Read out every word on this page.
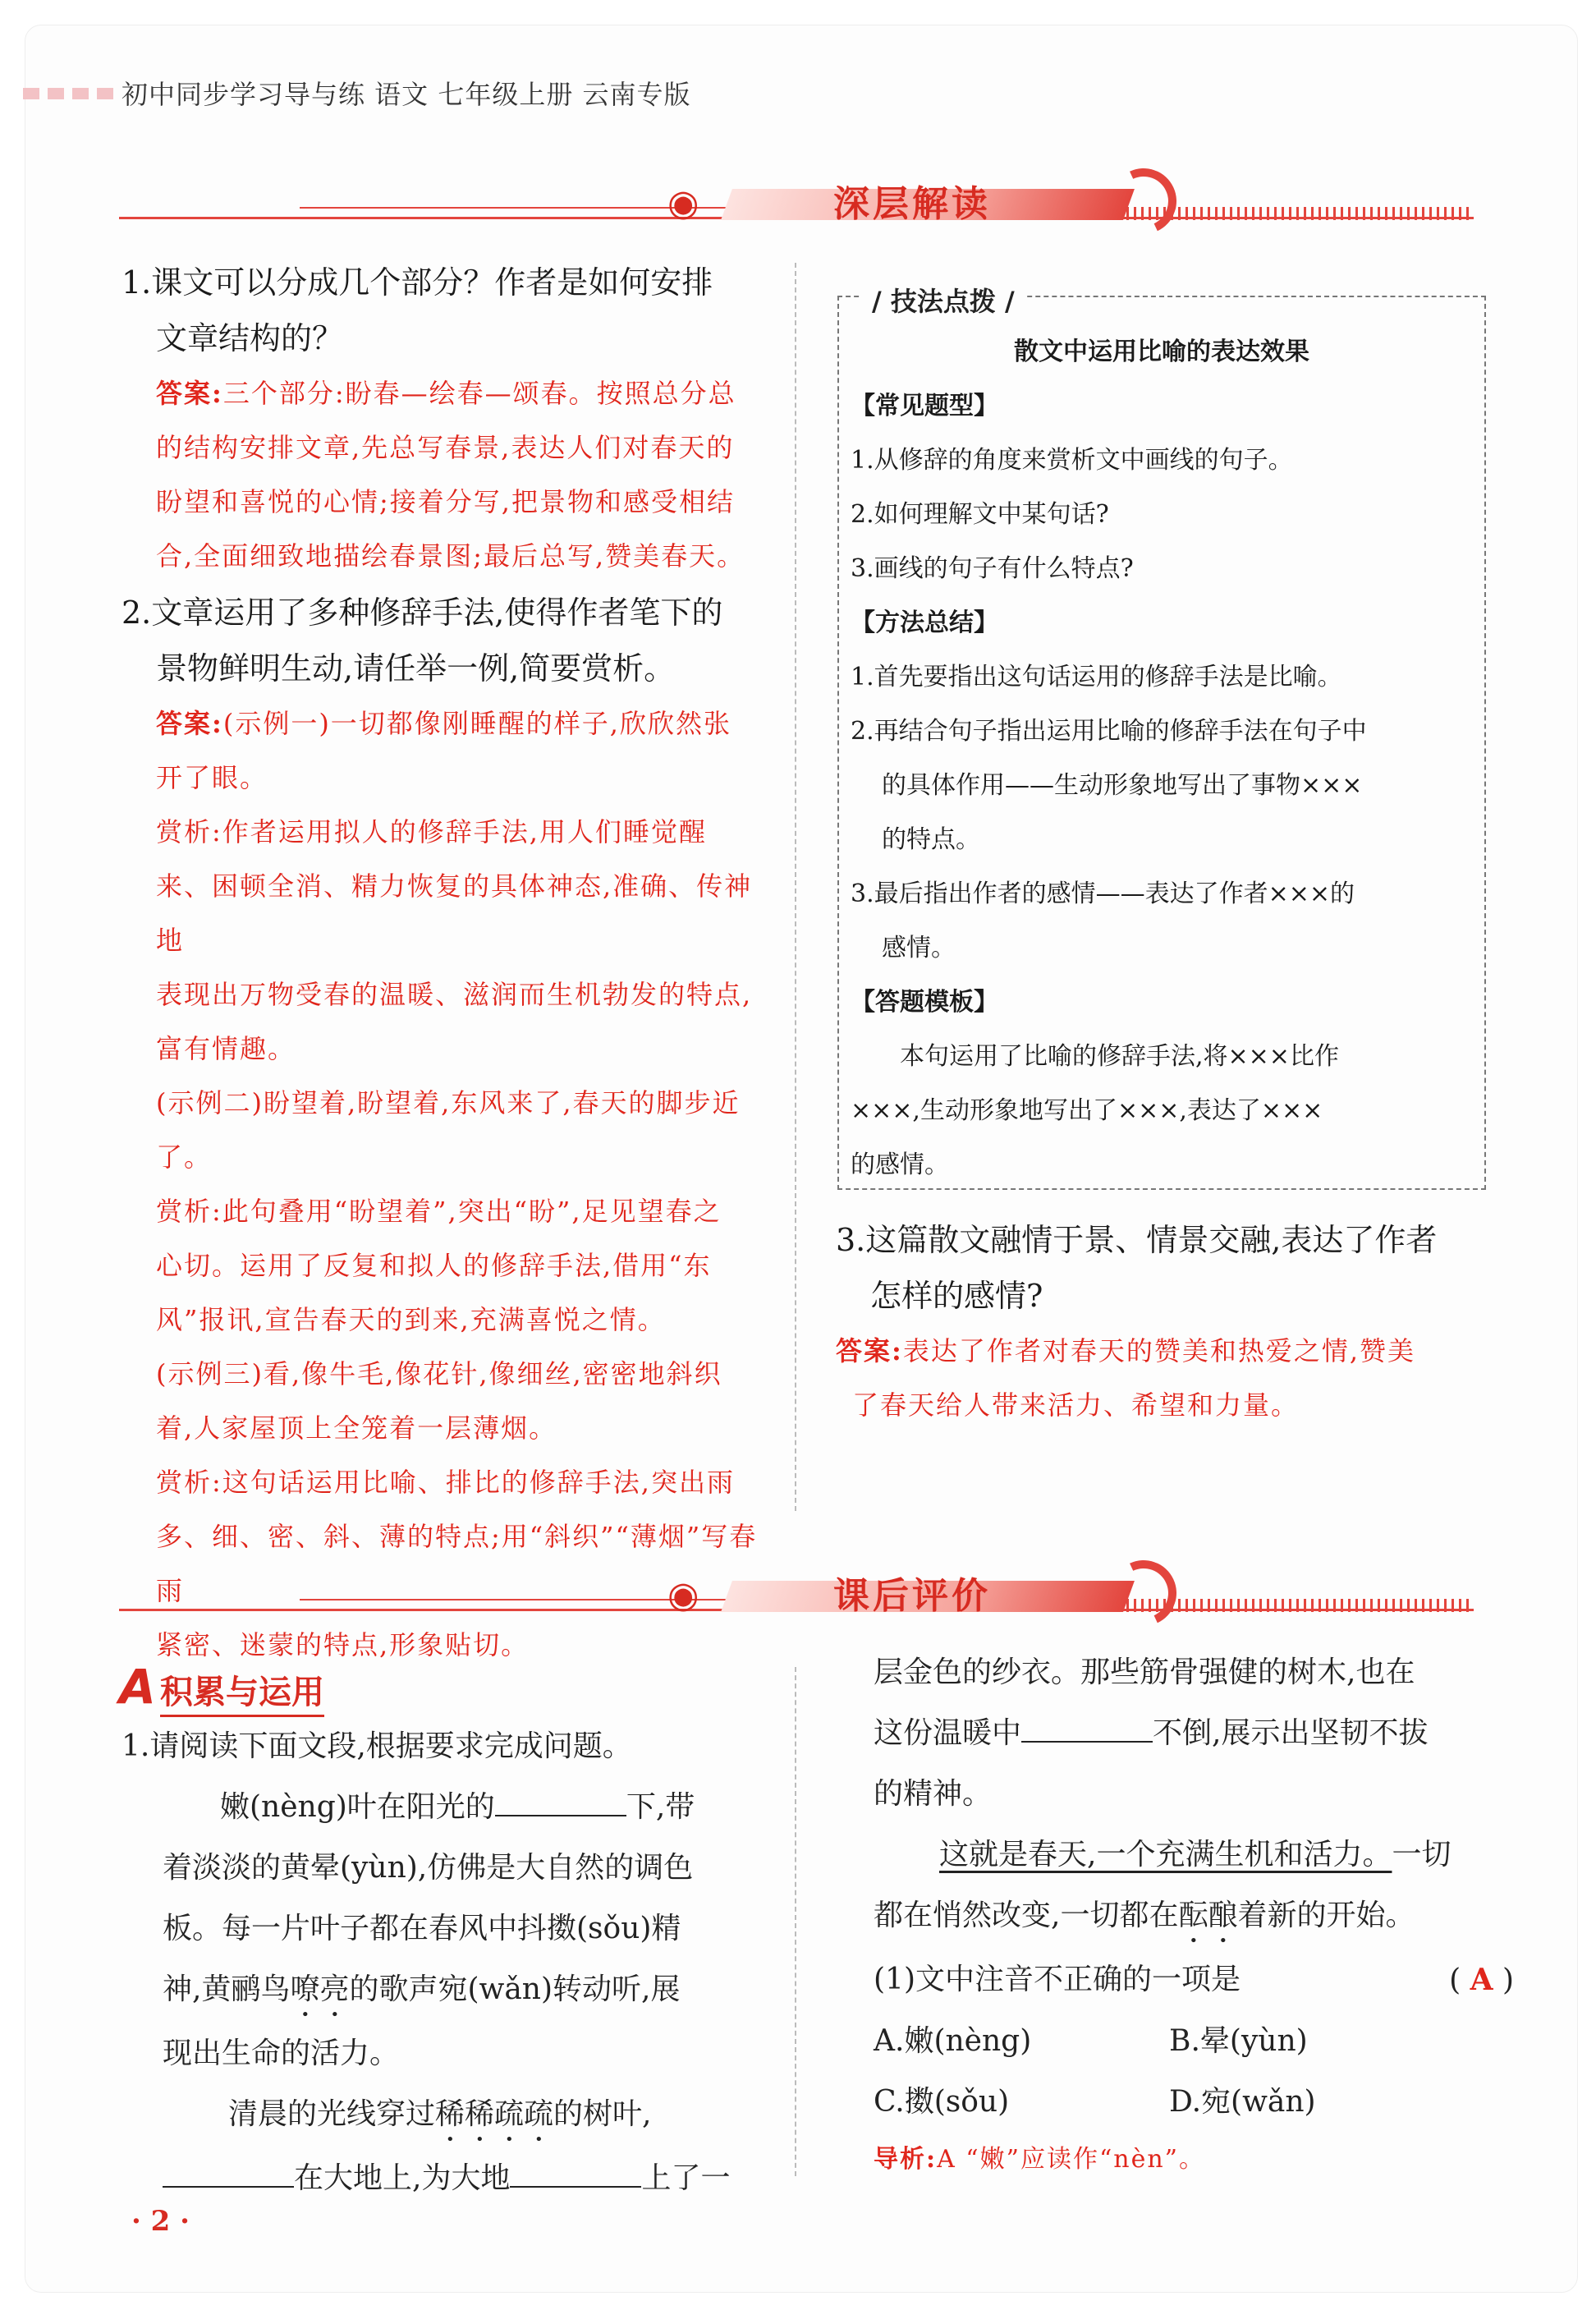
初中同步学习导与练 语文 七年级上册 云南专版
◉	深层解读
1.课文可以分成几个部分？作者是如何安排
文章结构的？
答案:三个部分:盼春—绘春—颂春。按照总分总
的结构安排文章,先总写春景,表达人们对春天的
盼望和喜悦的心情;接着分写,把景物和感受相结
合,全面细致地描绘春景图;最后总写,赞美春天。
2.文章运用了多种修辞手法,使得作者笔下的
景物鲜明生动,请任举一例,简要赏析。
答案:(示例一)一切都像刚睡醒的样子,欣欣然张
开了眼。
赏析:作者运用拟人的修辞手法,用人们睡觉醒
来、困顿全消、精力恢复的具体神态,准确、传神地
表现出万物受春的温暖、滋润而生机勃发的特点,
富有情趣。
(示例二)盼望着,盼望着,东风来了,春天的脚步近了。
赏析:此句叠用“盼望着”,突出“盼”,足见望春之
心切。运用了反复和拟人的修辞手法,借用“东
风”报讯,宣告春天的到来,充满喜悦之情。
(示例三)看,像牛毛,像花针,像细丝,密密地斜织
着,人家屋顶上全笼着一层薄烟。
赏析:这句话运用比喻、排比的修辞手法,突出雨
多、细、密、斜、薄的特点;用“斜织”“薄烟”写春雨
紧密、迷蒙的特点,形象贴切。
/ 技法点拨 /
散文中运用比喻的表达效果
【常见题型】
1.从修辞的角度来赏析文中画线的句子。
2.如何理解文中某句话?
3.画线的句子有什么特点?
【方法总结】
1.首先要指出这句话运用的修辞手法是比喻。
2.再结合句子指出运用比喻的修辞手法在句子中
的具体作用——生动形象地写出了事物×××
的特点。
3.最后指出作者的感情——表达了作者×××的
感情。
【答题模板】
本句运用了比喻的修辞手法,将×××比作
×××,生动形象地写出了×××,表达了×××
的感情。
3.这篇散文融情于景、情景交融,表达了作者
怎样的感情?
答案:表达了作者对春天的赞美和热爱之情,赞美
了春天给人带来活力、希望和力量。
◉	课后评价
A 积累与运用
1.请阅读下面文段,根据要求完成问题。
嫩(nèng)叶在阳光的	下,带
着淡淡的黄晕(yùn),仿佛是大自然的调色
板。每一片叶子都在春风中抖擞(sǒu)精
神,黄鹂鸟嘹亮的歌声宛(wǎn)转动听,展
现出生命的活力。
清晨的光线穿过稀稀疏疏的树叶,
在大地上,为大地	上了一
层金色的纱衣。那些筋骨强健的树木,也在
这份温暖中	不倒,展示出坚韧不拔
的精神。
这就是春天,一个充满生机和活力。一切
都在悄然改变,一切都在酝酿着新的开始。
(1)文中注音不正确的一项是	( A )
A.嫩(nèng)	B.晕(yùn)
C.擞(sǒu)	D.宛(wǎn)
导析:A “嫩”应读作“nèn”。
· 2 ·
